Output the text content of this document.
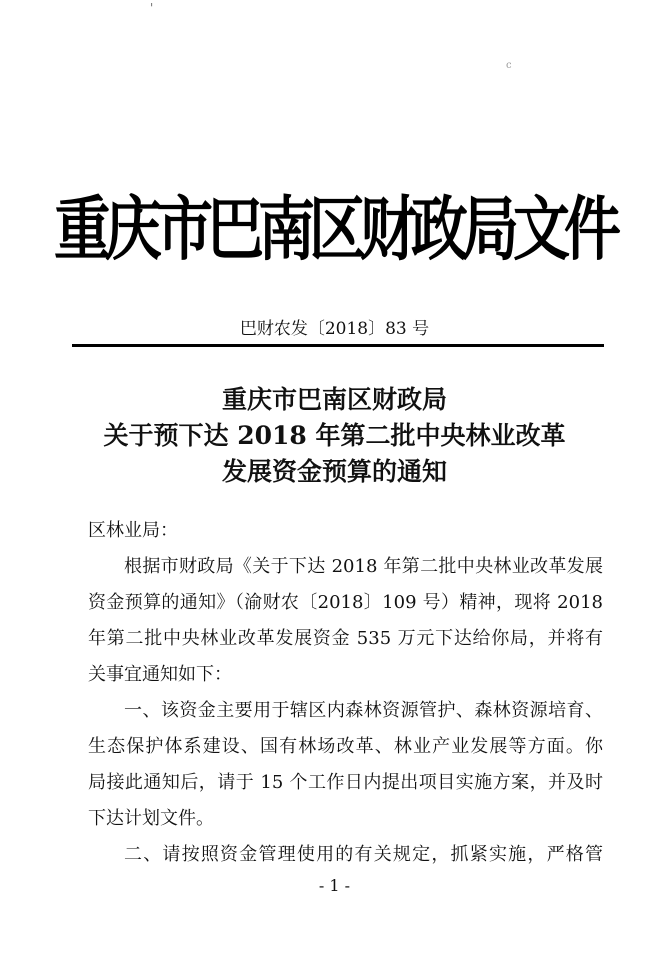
'
c
重庆市巴南区财政局文件
巴财农发〔2018〕83 号
重庆市巴南区财政局
关于预下达 2018 年第二批中央林业改革
发展资金预算的通知
区林业局：
根据市财政局《关于下达 2018 年第二批中央林业改革发展
资金预算的通知》（渝财农〔2018〕109 号）精神，现将 2018
年第二批中央林业改革发展资金 535 万元下达给你局，并将有
关事宜通知如下：
一、该资金主要用于辖区内森林资源管护、森林资源培育、
生态保护体系建设、国有林场改革、林业产业发展等方面。你
局接此通知后，请于 15 个工作日内提出项目实施方案，并及时
下达计划文件。
二、请按照资金管理使用的有关规定，抓紧实施，严格管
- 1 -
